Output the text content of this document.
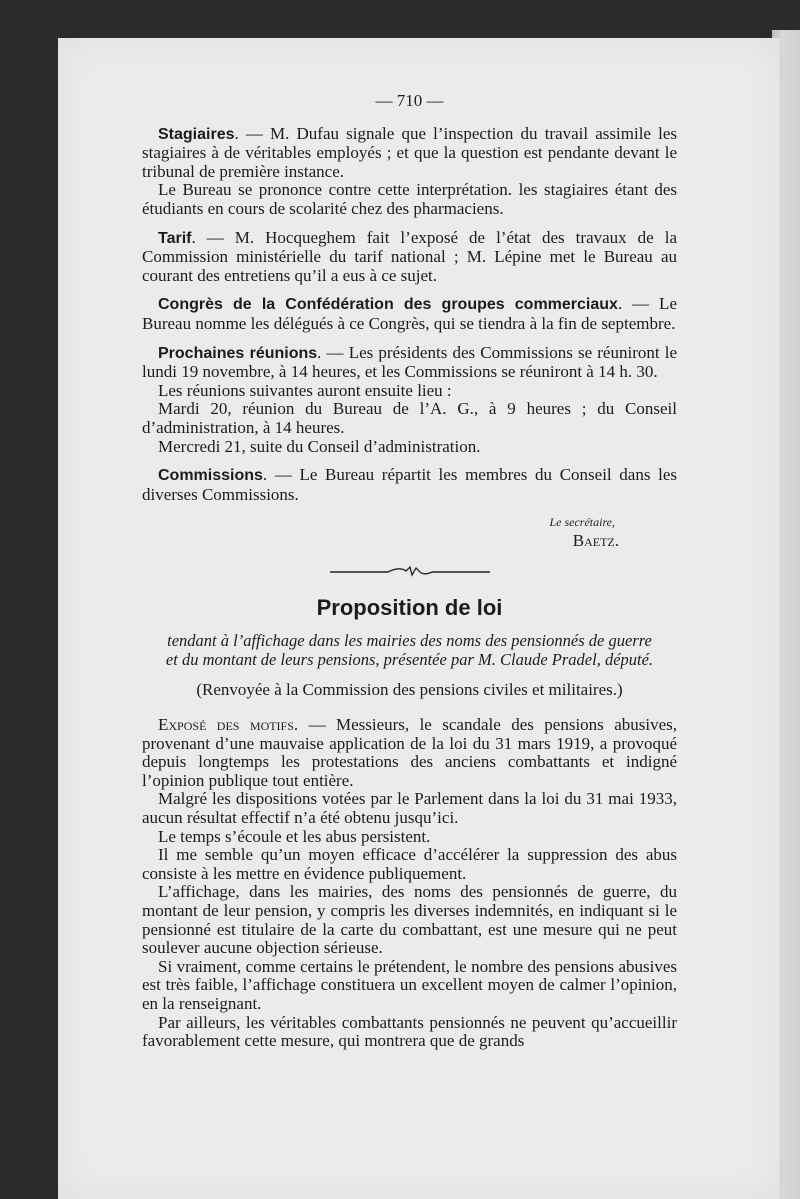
— 710 —

Stagiaires. — M. Dufau signale que l’inspection du travail assimile les stagiaires à de véritables employés ; et que la question est pendante devant le tribunal de première instance.

Le Bureau se prononce contre cette interprétation. les stagiaires étant des étudiants en cours de scolarité chez des pharmaciens.

Tarif. — M. Hocqueghem fait l’exposé de l’état des travaux de la Commission ministérielle du tarif national ; M. Lépine met le Bureau au courant des entretiens qu’il a eus à ce sujet.

Congrès de la Confédération des groupes commerciaux. — Le Bureau nomme les délégués à ce Congrès, qui se tiendra à la fin de septembre.

Prochaines réunions. — Les présidents des Commissions se réuniront le lundi 19 novembre, à 14 heures, et les Commissions se réuniront à 14 h. 30.

Les réunions suivantes auront ensuite lieu :

Mardi 20, réunion du Bureau de l’A. G., à 9 heures ; du Conseil d’administration, à 14 heures.

Mercredi 21, suite du Conseil d’administration.

Commissions. — Le Bureau répartit les membres du Conseil dans les diverses Commissions.

Le secrétaire,
Baetz.
Proposition de loi
tendant à l’affichage dans les mairies des noms des pensionnés de guerre
et du montant de leurs pensions, présentée par M. Claude Pradel, député.
(Renvoyée à la Commission des pensions civiles et militaires.)

Exposé des motifs. — Messieurs, le scandale des pensions abusives, provenant d’une mauvaise application de la loi du 31 mars 1919, a provoqué depuis longtemps les protestations des anciens combattants et indigné l’opinion publique tout entière.

Malgré les dispositions votées par le Parlement dans la loi du 31 mai 1933, aucun résultat effectif n’a été obtenu jusqu’ici.

Le temps s’écoule et les abus persistent.

Il me semble qu’un moyen efficace d’accélérer la suppression des abus consiste à les mettre en évidence publiquement.

L’affichage, dans les mairies, des noms des pensionnés de guerre, du montant de leur pension, y compris les diverses indemnités, en indiquant si le pensionné est titulaire de la carte du combattant, est une mesure qui ne peut soulever aucune objection sérieuse.

Si vraiment, comme certains le prétendent, le nombre des pensions abusives est très faible, l’affichage constituera un excellent moyen de calmer l’opinion, en la renseignant.

Par ailleurs, les véritables combattants pensionnés ne peuvent qu’accueillir favorablement cette mesure, qui montrera que de grands
